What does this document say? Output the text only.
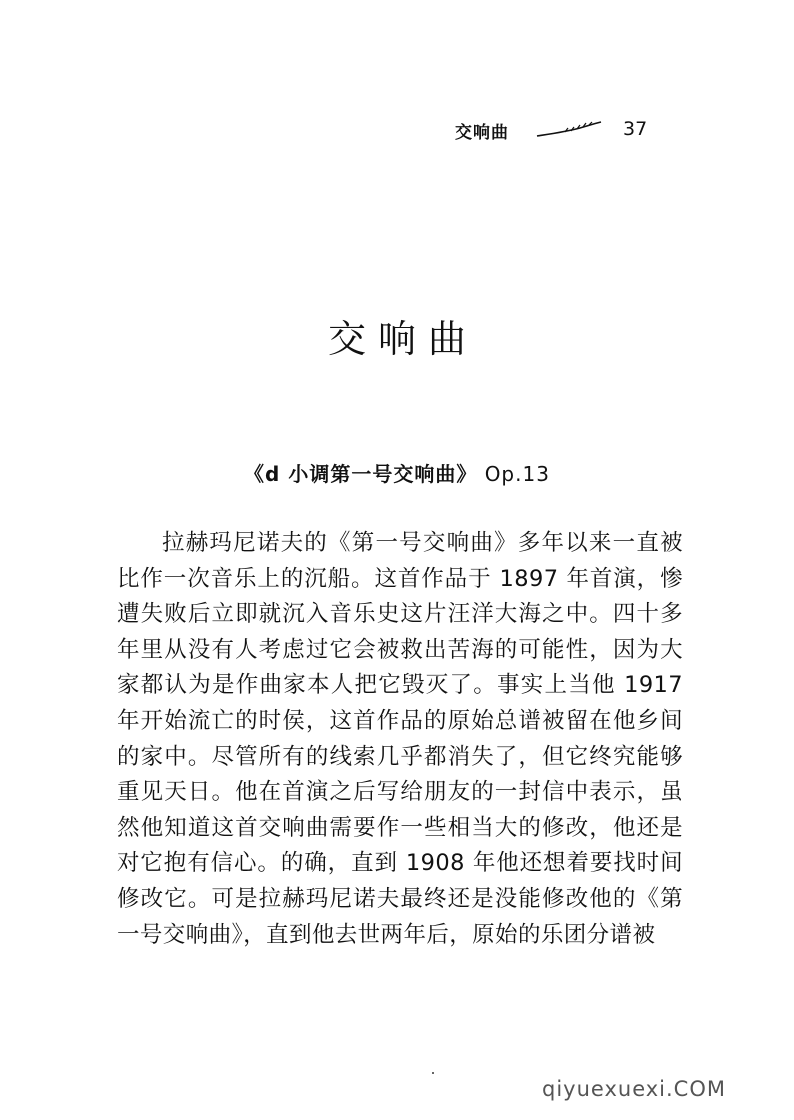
交响曲	37
交响曲
《d 小调第一号交响曲》 Op.13

拉赫玛尼诺夫的《第一号交响曲》多年以来一直被比作一次音乐上的沉船。这首作品于 1897 年首演，惨遭失败后立即就沉入音乐史这片汪洋大海之中。四十多年里从没有人考虑过它会被救出苦海的可能性，因为大家都认为是作曲家本人把它毁灭了。事实上当他 1917 年开始流亡的时侯，这首作品的原始总谱被留在他乡间的家中。尽管所有的线索几乎都消失了，但它终究能够重见天日。他在首演之后写给朋友的一封信中表示，虽然他知道这首交响曲需要作一些相当大的修改，他还是对它抱有信心。的确，直到 1908 年他还想着要找时间修改它。可是拉赫玛尼诺夫最终还是没能修改他的《第一号交响曲》，直到他去世两年后，原始的乐团分谱被

qiyuexuexi.COM
